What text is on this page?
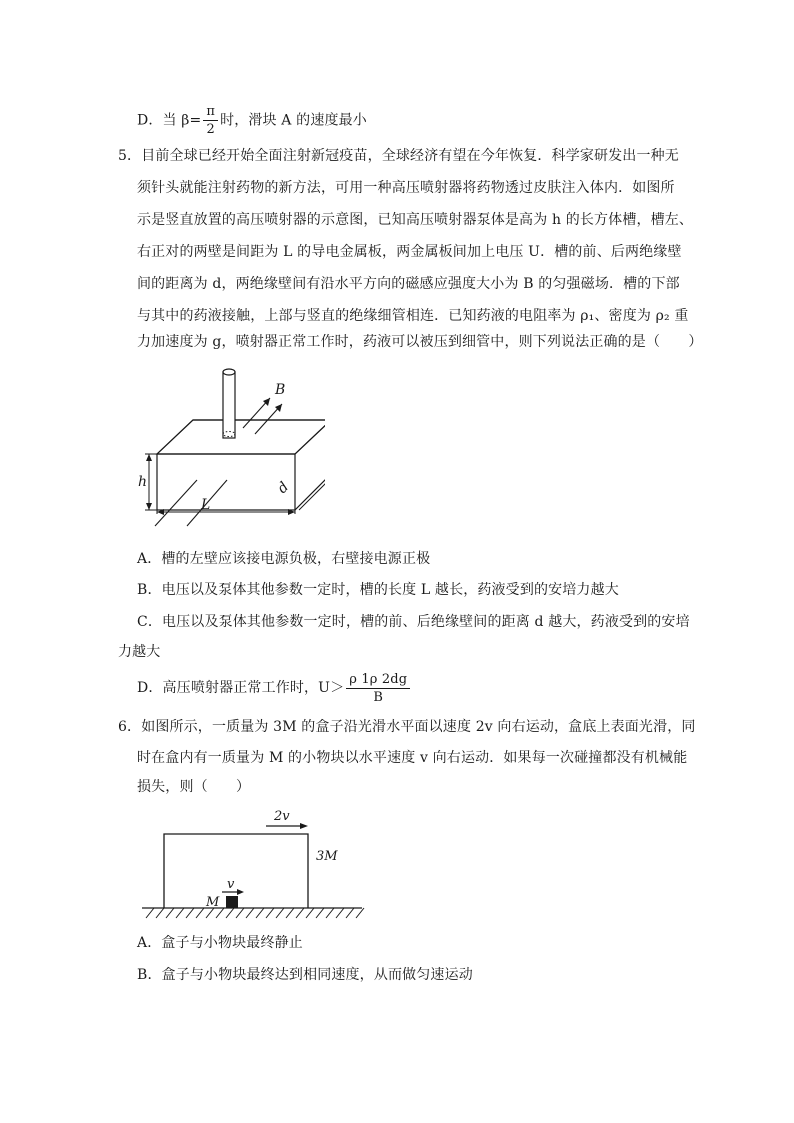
D．当 $\beta= \frac{\pi}{2}$ 时，滑块 A 的速度最小
5．目前全球已经开始全面注射新冠疫苗，全球经济有望在今年恢复．科学家研发出一种无
须针头就能注射药物的新方法，可用一种高压喷射器将药物透过皮肤注入体内．如图所
示是竖直放置的高压喷射器的示意图，已知高压喷射器泵体是高为 h 的长方体槽，槽左、
右正对的两壁是间距为 L 的导电金属板，两金属板间加上电压 U．槽的前、后两绝缘壁
间的距离为 d，两绝缘壁间有沿水平方向的磁感应强度大小为 B 的匀强磁场．槽的下部
与其中的药液接触，上部与竖直的绝缘细管相连．已知药液的电阻率为 ρ₁、密度为 ρ₂ 重
力加速度为 g，喷射器正常工作时，药液可以被压到细管中，则下列说法正确的是（　　）
B
h
L
d
A．槽的左壁应该接电源负极，右壁接电源正极
B．电压以及泵体其他参数一定时，槽的长度 L 越长，药液受到的安培力越大
C．电压以及泵体其他参数一定时，槽的前、后绝缘壁间的距离 d 越大，药液受到的安培
力越大
D．高压喷射器正常工作时，$U> \frac{\rho 1\rho 2dg}{B}$
6．如图所示，一质量为 3M 的盒子沿光滑水平面以速度 2v 向右运动，盒底上表面光滑，同
时在盒内有一质量为 M 的小物块以水平速度 v 向右运动．如果每一次碰撞都没有机械能
损失，则（　　）
2v
3M
v
M
A．盒子与小物块最终静止
B．盒子与小物块最终达到相同速度，从而做匀速运动
